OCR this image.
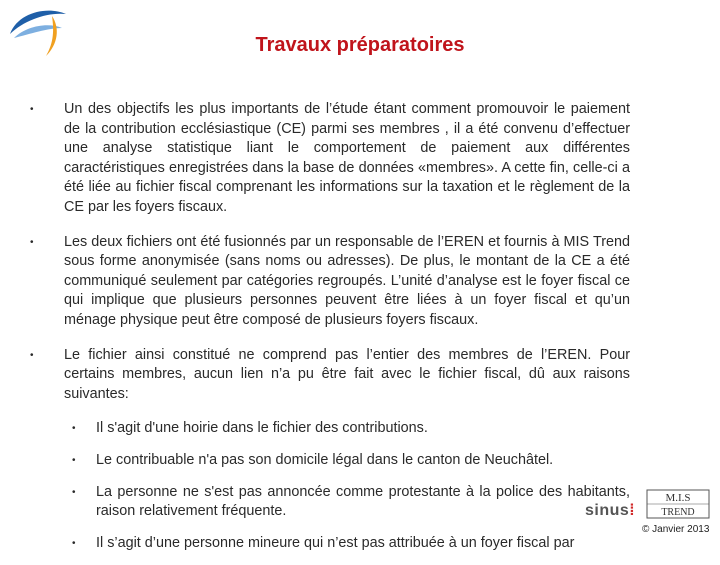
Travaux préparatoires
•	Un des objectifs les plus importants de l’étude étant comment promouvoir le paiement de la contribution ecclésiastique (CE) parmi ses membres , il a été convenu d’effectuer une analyse statistique liant le comportement de paiement aux différentes caractéristiques enregistrées dans la base de données «membres». A cette fin, celle-ci a été liée au fichier fiscal comprenant les informations sur la taxation et le règlement de la CE par les foyers fiscaux.
•	Les deux fichiers ont été fusionnés par un responsable de l’EREN et fournis à MIS Trend sous forme anonymisée (sans noms ou adresses). De plus, le montant de la CE a été communiqué seulement par catégories regroupés. L’unité d’analyse est le foyer fiscal ce qui implique que plusieurs personnes peuvent être liées à un foyer fiscal et qu’un ménage physique peut être composé de plusieurs foyers fiscaux.
•	Le fichier ainsi constitué ne comprend pas l’entier des membres de l’EREN. Pour certains membres, aucun lien n’a pu être fait avec le fichier fiscal, dû aux raisons suivantes:
•	Il s'agit d'une hoirie dans le fichier des contributions.
•	Le contribuable n'a pas son domicile légal dans le canton de Neuchâtel.
•	La personne ne s'est pas annoncée comme protestante à la police des habitants, raison relativement fréquente.
•	Il s’agit d’une personne mineure qui n’est pas attribuée à un foyer fiscal par
sinus⁞
M.I.S
TREND
© Janvier 2013
